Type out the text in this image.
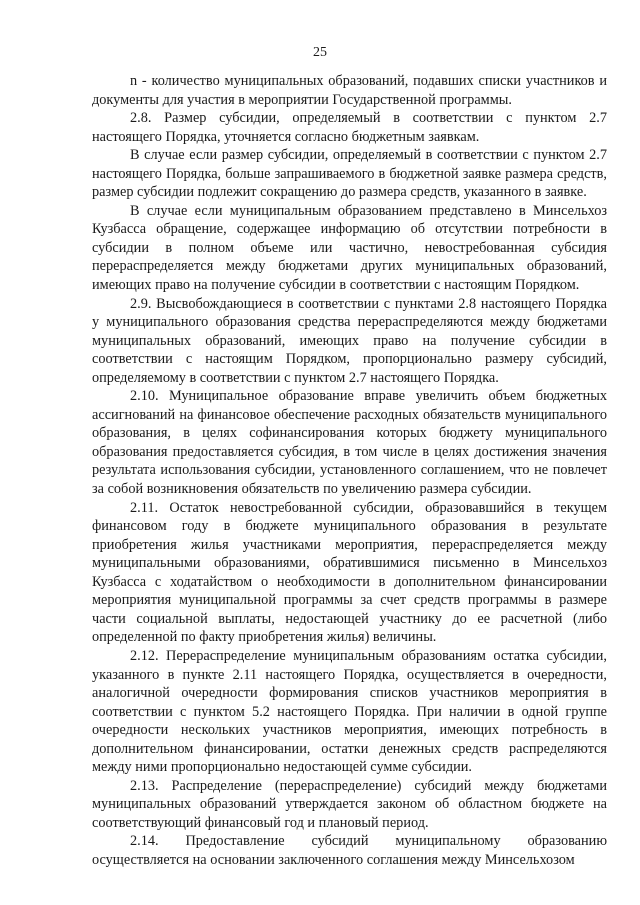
25

n - количество муниципальных образований, подавших списки участников и документы для участия в мероприятии Государственной программы.

2.8. Размер субсидии, определяемый в соответствии с пунктом 2.7 настоящего Порядка, уточняется согласно бюджетным заявкам.

В случае если размер субсидии, определяемый в соответствии с пунктом 2.7 настоящего Порядка, больше запрашиваемого в бюджетной заявке размера средств, размер субсидии подлежит сокращению до размера средств, указанного в заявке.

В случае если муниципальным образованием представлено в Минсельхоз Кузбасса обращение, содержащее информацию об отсутствии потребности в субсидии в полном объеме или частично, невостребованная субсидия перераспределяется между бюджетами других муниципальных образований, имеющих право на получение субсидии в соответствии с настоящим Порядком.

2.9. Высвобождающиеся в соответствии с пунктами 2.8 настоящего Порядка у муниципального образования средства перераспределяются между бюджетами муниципальных образований, имеющих право на получение субсидии в соответствии с настоящим Порядком, пропорционально размеру субсидий, определяемому в соответствии с пунктом 2.7 настоящего Порядка.

2.10. Муниципальное образование вправе увеличить объем бюджетных ассигнований на финансовое обеспечение расходных обязательств муниципального образования, в целях софинансирования которых бюджету муниципального образования предоставляется субсидия, в том числе в целях достижения значения результата использования субсидии, установленного соглашением, что не повлечет за собой возникновения обязательств по увеличению размера субсидии.

2.11. Остаток невостребованной субсидии, образовавшийся в текущем финансовом году в бюджете муниципального образования в результате приобретения жилья участниками мероприятия, перераспределяется между муниципальными образованиями, обратившимися письменно в Минсельхоз Кузбасса с ходатайством о необходимости в дополнительном финансировании мероприятия муниципальной программы за счет средств программы в размере части социальной выплаты, недостающей участнику до ее расчетной (либо определенной по факту приобретения жилья) величины.

2.12. Перераспределение муниципальным образованиям остатка субсидии, указанного в пункте 2.11 настоящего Порядка, осуществляется в очередности, аналогичной очередности формирования списков участников мероприятия в соответствии с пунктом 5.2 настоящего Порядка. При наличии в одной группе очередности нескольких участников мероприятия, имеющих потребность в дополнительном финансировании, остатки денежных средств распределяются между ними пропорционально недостающей сумме субсидии.

2.13. Распределение (перераспределение) субсидий между бюджетами муниципальных образований утверждается законом об областном бюджете на соответствующий финансовый год и плановый период.

2.14. Предоставление субсидий муниципальному образованию осуществляется на основании заключенного соглашения между Минсельхозом
